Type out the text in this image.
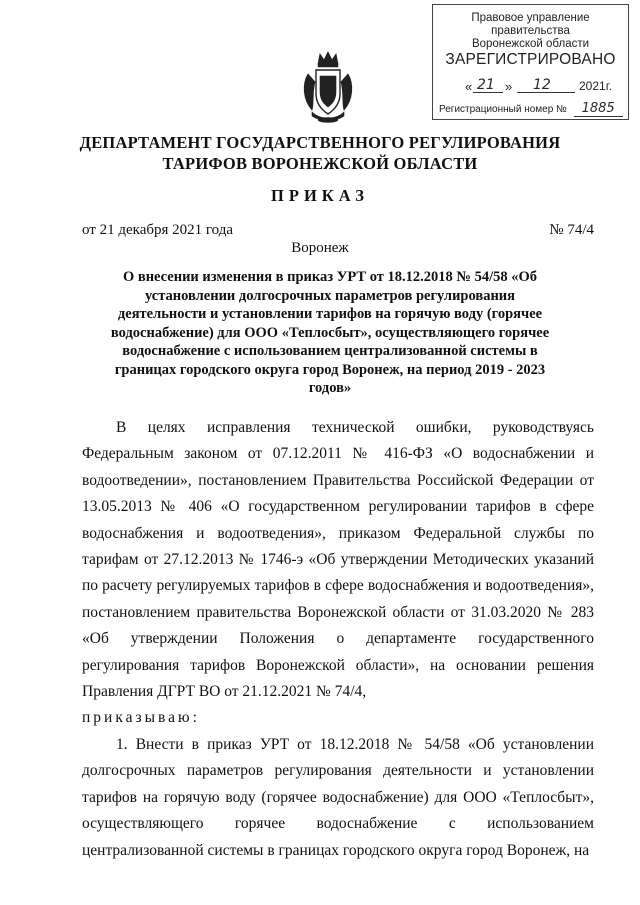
Правовое управление правительства
Воронежской области
ЗАРЕГИСТРИРОВАНО
« 21 » 12 2021г.
Регистрационный номер № 1885
ДЕПАРТАМЕНТ ГОСУДАРСТВЕННОГО РЕГУЛИРОВАНИЯ
ТАРИФОВ ВОРОНЕЖСКОЙ ОБЛАСТИ
ПРИКАЗ
от 21 декабря 2021 года	№ 74/4
Воронеж
О внесении изменения в приказ УРТ от 18.12.2018 № 54/58 «Об установлении долгосрочных параметров регулирования деятельности и установлении тарифов на горячую воду (горячее водоснабжение) для ООО «Теплосбыт», осуществляющего горячее водоснабжение с использованием централизованной системы в границах городского округа город Воронеж, на период 2019 - 2023 годов»

В целях исправления технической ошибки, руководствуясь Федеральным законом от 07.12.2011 № 416-ФЗ «О водоснабжении и водоотведении», постановлением Правительства Российской Федерации от 13.05.2013 № 406 «О государственном регулировании тарифов в сфере водоснабжения и водоотведения», приказом Федеральной службы по тарифам от 27.12.2013 № 1746-э «Об утверждении Методических указаний по расчету регулируемых тарифов в сфере водоснабжения и водоотведения», постановлением правительства Воронежской области от 31.03.2020 № 283 «Об утверждении Положения о департаменте государственного регулирования тарифов Воронежской области», на основании решения Правления ДГРТ ВО от 21.12.2021 № 74/4,

приказываю:

1. Внести в приказ УРТ от 18.12.2018 № 54/58 «Об установлении долгосрочных параметров регулирования деятельности и установлении тарифов на горячую воду (горячее водоснабжение) для ООО «Теплосбыт», осуществляющего горячее водоснабжение с использованием централизованной системы в границах городского округа город Воронеж, на
